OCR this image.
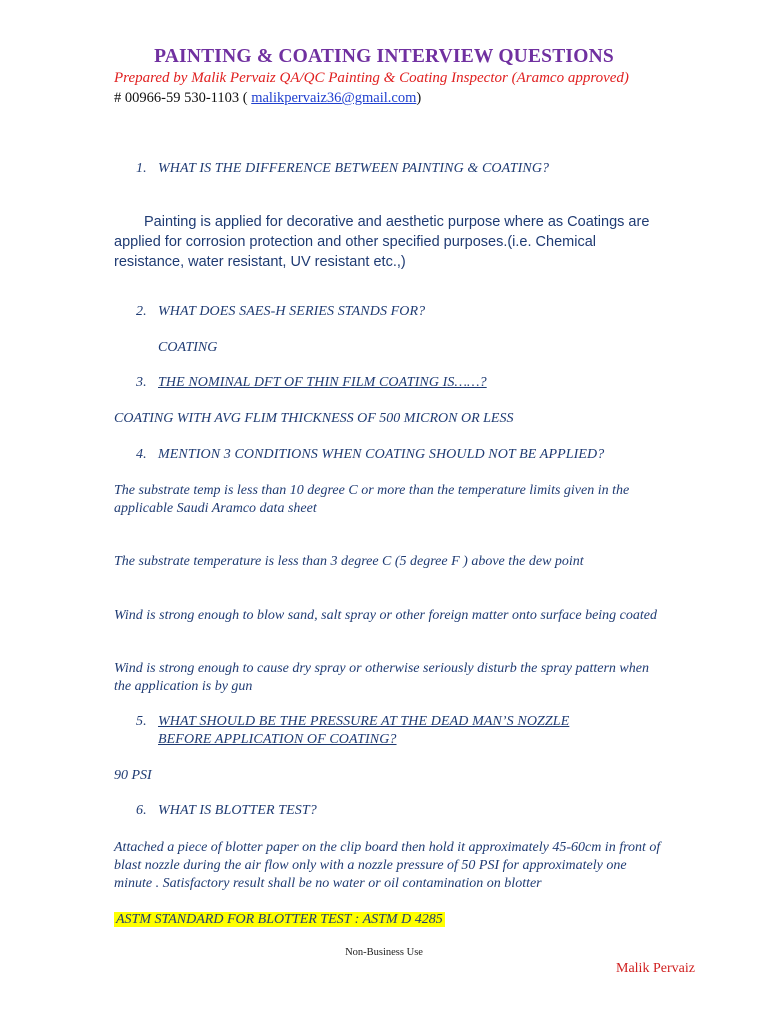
PAINTING & COATING INTERVIEW QUESTIONS
Prepared by Malik Pervaiz QA/QC Painting & Coating Inspector (Aramco approved)
# 00966-59 530-1103 ( malikpervaiz36@gmail.com)
1. WHAT IS THE DIFFERENCE BETWEEN PAINTING & COATING?
Painting is applied for decorative and aesthetic purpose where as Coatings are applied for corrosion protection and other specified purposes.(i.e. Chemical resistance, water resistant, UV resistant etc.,)
2. WHAT DOES SAES-H SERIES STANDS FOR?
COATING
3. THE NOMINAL DFT OF THIN FILM COATING IS……?
COATING WITH AVG FLIM THICKNESS OF 500 MICRON OR LESS
4. MENTION 3 CONDITIONS WHEN COATING SHOULD NOT BE APPLIED?
The substrate temp is less than 10 degree C or more than the temperature limits given in the applicable Saudi Aramco data sheet
The substrate temperature is less than 3 degree C (5 degree F ) above the dew point
Wind is strong enough to blow sand, salt spray or other foreign matter onto surface being coated
Wind is strong enough to cause dry spray or otherwise seriously disturb the spray pattern when the application is by gun
5. WHAT SHOULD BE THE PRESSURE AT THE DEAD MAN’S NOZZLE
BEFORE APPLICATION OF COATING?
90 PSI
6. WHAT IS BLOTTER TEST?
Attached a piece of blotter paper on the clip board then hold it approximately 45-60cm in front of blast nozzle during the air flow only with a nozzle pressure of 50 PSI for approximately one minute . Satisfactory result shall be no water or oil contamination on blotter
ASTM STANDARD FOR BLOTTER TEST : ASTM D 4285
Non-Business Use
Malik Pervaiz
